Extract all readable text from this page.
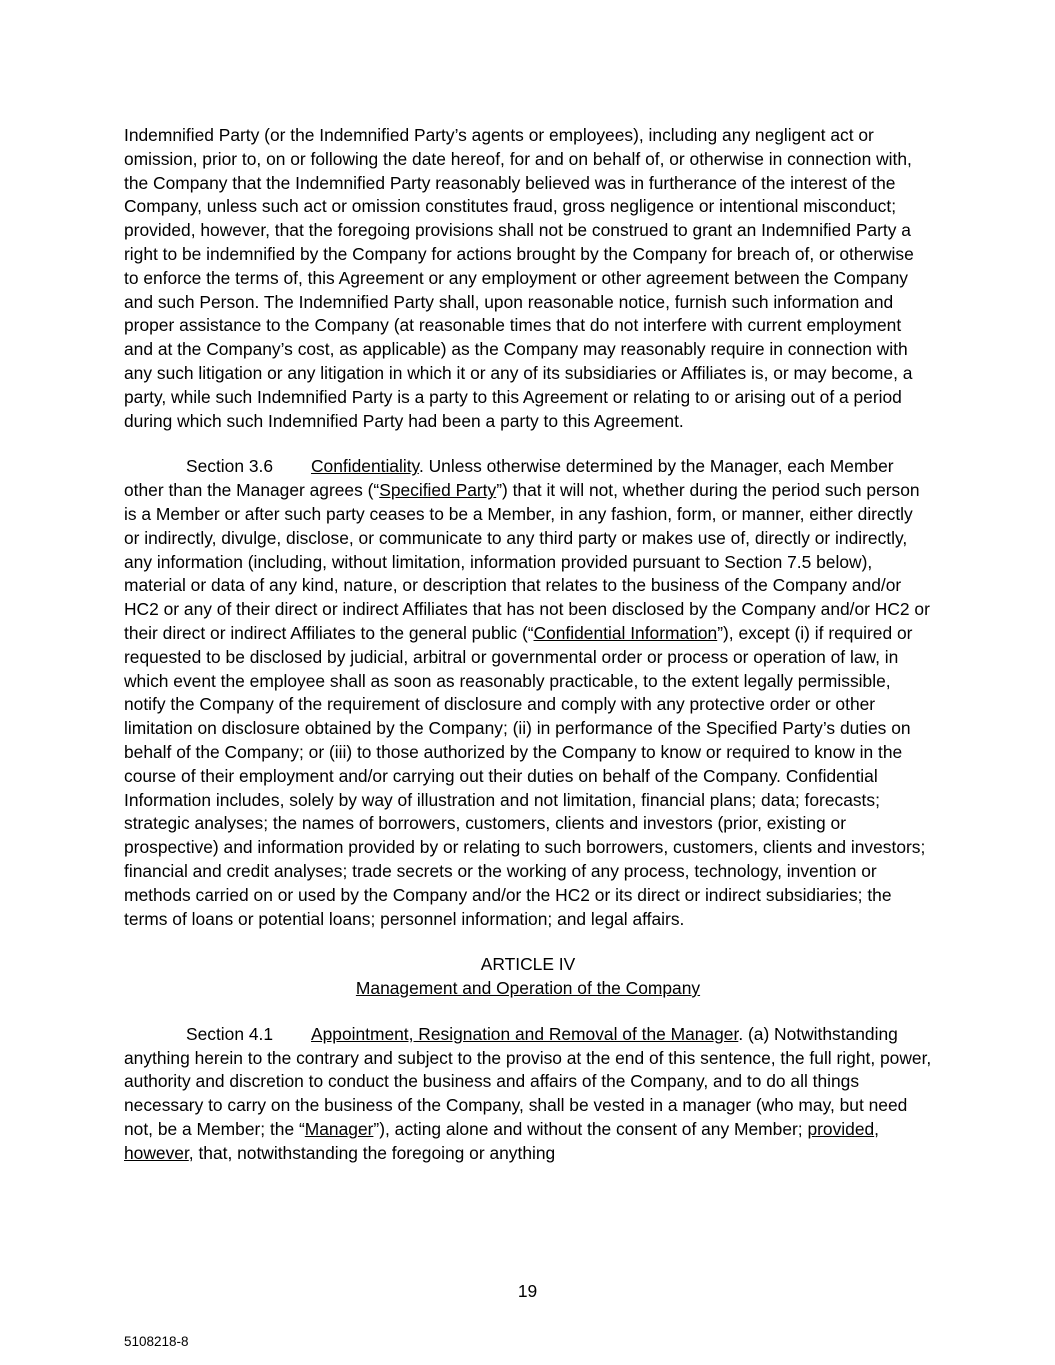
Indemnified Party (or the Indemnified Party’s agents or employees), including any negligent act or omission, prior to, on or following the date hereof, for and on behalf of, or otherwise in connection with, the Company that the Indemnified Party reasonably believed was in furtherance of the interest of the Company, unless such act or omission constitutes fraud, gross negligence or intentional misconduct; provided, however, that the foregoing provisions shall not be construed to grant an Indemnified Party a right to be indemnified by the Company for actions brought by the Company for breach of, or otherwise to enforce the terms of, this Agreement or any employment or other agreement between the Company and such Person. The Indemnified Party shall, upon reasonable notice, furnish such information and proper assistance to the Company (at reasonable times that do not interfere with current employment and at the Company’s cost, as applicable) as the Company may reasonably require in connection with any such litigation or any litigation in which it or any of its subsidiaries or Affiliates is, or may become, a party, while such Indemnified Party is a party to this Agreement or relating to or arising out of a period during which such Indemnified Party had been a party to this Agreement.

Section 3.6 Confidentiality. Unless otherwise determined by the Manager, each Member other than the Manager agrees (“Specified Party”) that it will not, whether during the period such person is a Member or after such party ceases to be a Member, in any fashion, form, or manner, either directly or indirectly, divulge, disclose, or communicate to any third party or makes use of, directly or indirectly, any information (including, without limitation, information provided pursuant to Section 7.5 below), material or data of any kind, nature, or description that relates to the business of the Company and/or HC2 or any of their direct or indirect Affiliates that has not been disclosed by the Company and/or HC2 or their direct or indirect Affiliates to the general public (“Confidential Information”), except (i) if required or requested to be disclosed by judicial, arbitral or governmental order or process or operation of law, in which event the employee shall as soon as reasonably practicable, to the extent legally permissible, notify the Company of the requirement of disclosure and comply with any protective order or other limitation on disclosure obtained by the Company; (ii) in performance of the Specified Party’s duties on behalf of the Company; or (iii) to those authorized by the Company to know or required to know in the course of their employment and/or carrying out their duties on behalf of the Company. Confidential Information includes, solely by way of illustration and not limitation, financial plans; data; forecasts; strategic analyses; the names of borrowers, customers, clients and investors (prior, existing or prospective) and information provided by or relating to such borrowers, customers, clients and investors; financial and credit analyses; trade secrets or the working of any process, technology, invention or methods carried on or used by the Company and/or the HC2 or its direct or indirect subsidiaries; the terms of loans or potential loans; personnel information; and legal affairs.

ARTICLE IV

Management and Operation of the Company

Section 4.1 Appointment, Resignation and Removal of the Manager. (a) Notwithstanding anything herein to the contrary and subject to the proviso at the end of this sentence, the full right, power, authority and discretion to conduct the business and affairs of the Company, and to do all things necessary to carry on the business of the Company, shall be vested in a manager (who may, but need not, be a Member; the “Manager”), acting alone and without the consent of any Member; provided, however, that, notwithstanding the foregoing or anything

19
5108218-8
